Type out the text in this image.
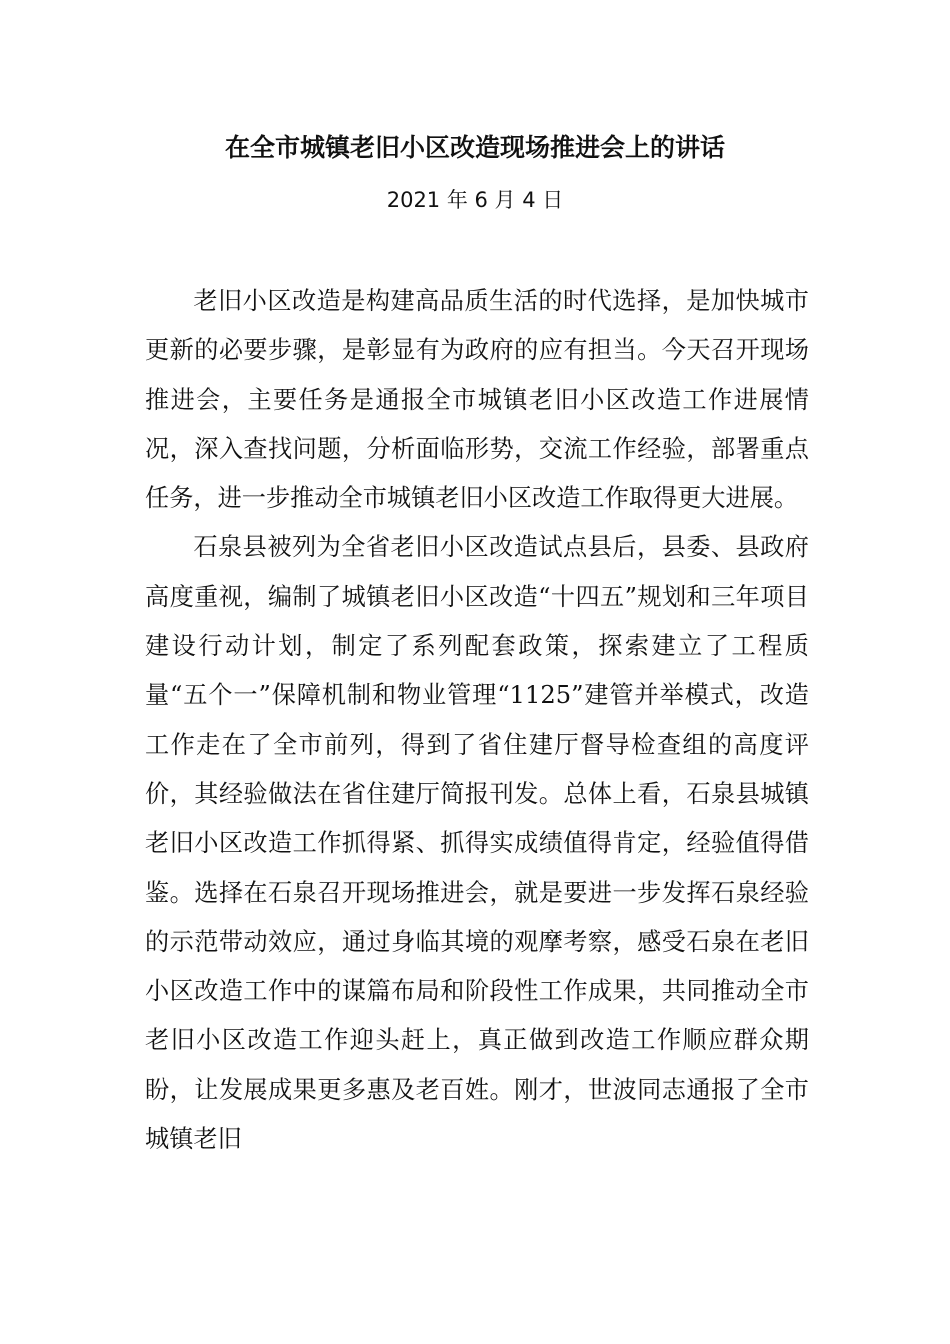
在全市城镇老旧小区改造现场推进会上的讲话
2021 年 6 月 4 日

老旧小区改造是构建高品质生活的时代选择，是加快城市更新的必要步骤，是彰显有为政府的应有担当。今天召开现场推进会，主要任务是通报全市城镇老旧小区改造工作进展情况，深入查找问题，分析面临形势，交流工作经验，部署重点任务，进一步推动全市城镇老旧小区改造工作取得更大进展。

石泉县被列为全省老旧小区改造试点县后，县委、县政府高度重视，编制了城镇老旧小区改造“十四五”规划和三年项目建设行动计划，制定了系列配套政策，探索建立了工程质量“五个一”保障机制和物业管理“1125”建管并举模式，改造工作走在了全市前列，得到了省住建厅督导检查组的高度评价，其经验做法在省住建厅简报刊发。总体上看，石泉县城镇老旧小区改造工作抓得紧、抓得实成绩值得肯定，经验值得借鉴。选择在石泉召开现场推进会，就是要进一步发挥石泉经验的示范带动效应，通过身临其境的观摩考察，感受石泉在老旧小区改造工作中的谋篇布局和阶段性工作成果，共同推动全市老旧小区改造工作迎头赶上，真正做到改造工作顺应群众期盼，让发展成果更多惠及老百姓。刚才，世波同志通报了全市城镇老旧
